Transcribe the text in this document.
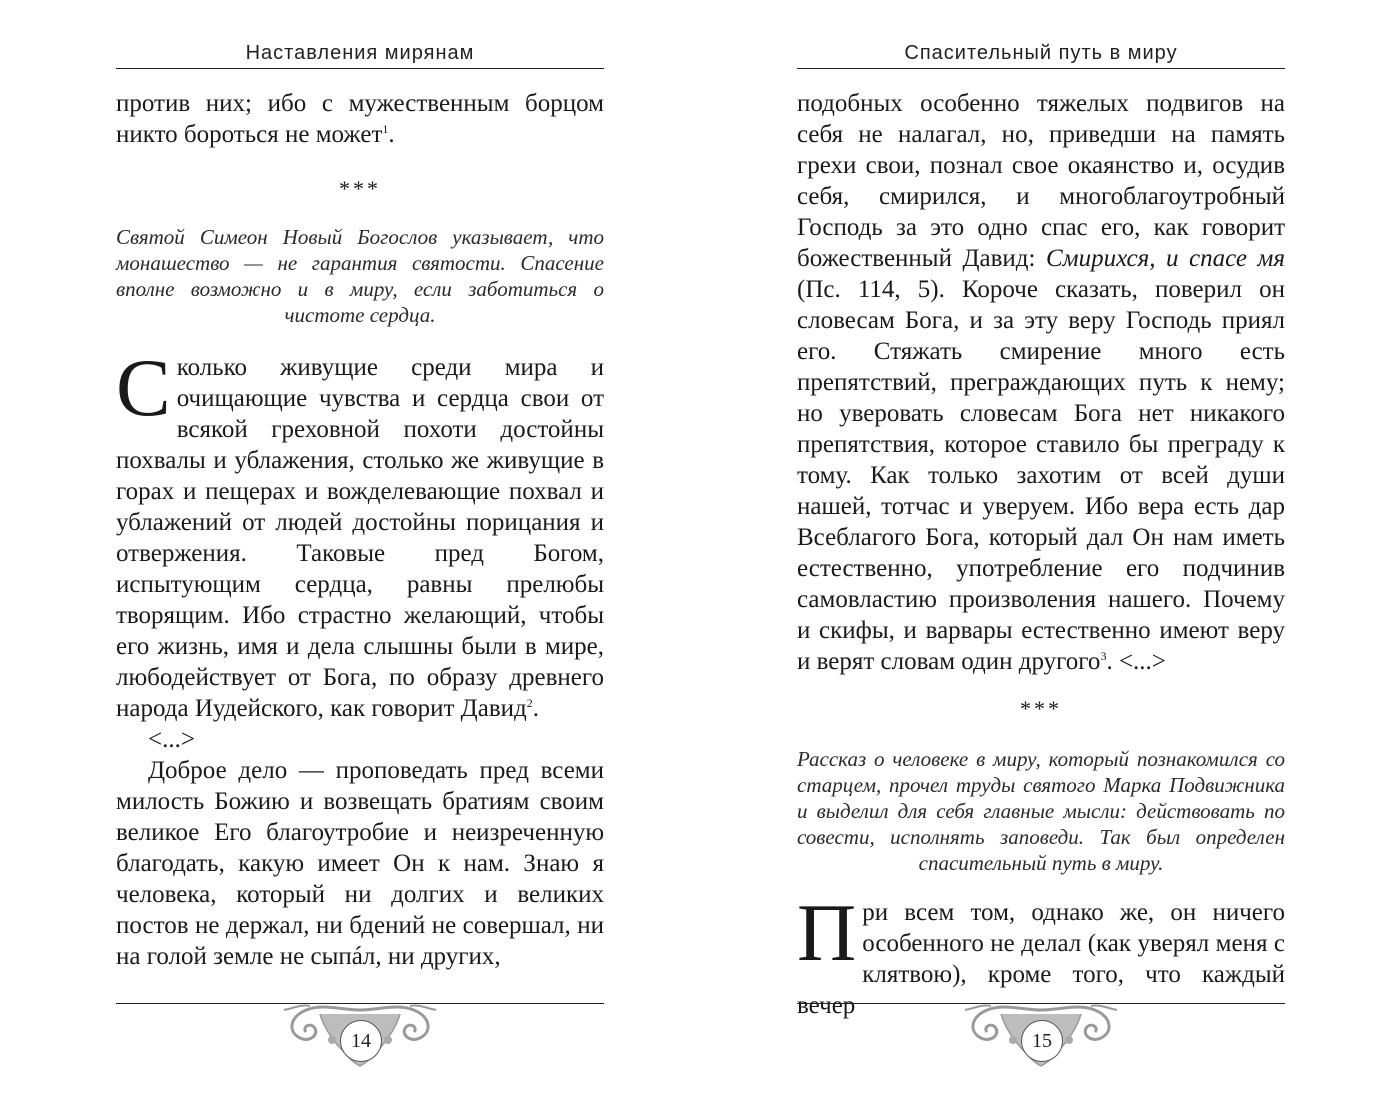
Наставления мирянам

против них; ибо с мужественным борцом

никто бороться не может$^1$.

***
Святой Симеон Новый Богослов указывает, что монашество — не гарантия святости. Спасение вполне возможно и в миру, если заботиться о чистоте сердца.

Сколько живущие среди мира и очищающие чувства и сердца свои от всякой греховной похоти достойны похвалы и ублажения, столько же живущие в горах и пещерах и вожделевающие похвал и ублажений от людей достойны порицания и отвержения. Таковые пред Богом, испытующим сердца, равны прелюбы творящим. Ибо страстно желающий, чтобы его жизнь, имя и дела слышны были в мире, любодействует от Бога, по образу древнего народа Иудейского, как говорит Давид$^2$.

<...>

Доброе дело — проповедать пред всеми милость Божию и возвещать братиям своим великое Его благоутробие и неизреченную благодать, какую имеет Он к нам. Знаю я человека, который ни долгих и великих постов не держал, ни бдений не совершал, ни на голой земле не сыпáл, ни других,

14
Спасительный путь в миру

подобных особенно тяжелых подвигов на себя не налагал, но, приведши на память грехи свои, познал свое окаянство и, осудив себя, смирился, и многоблагоутробный Господь за это одно спас его, как говорит божественный Давид: Смирихся, и спасе мя (Пс. 114, 5). Короче сказать, поверил он словесам Бога, и за эту веру Господь приял его. Стяжать смирение много есть препятствий, преграждающих путь к нему; но уверовать словесам Бога нет никакого препятствия, которое ставило бы преграду к тому. Как только захотим от всей души нашей, тотчас и уверуем. Ибо вера есть дар Всеблагого Бога, который дал Он нам иметь естественно, употребление его подчинив самовластию произволения нашего. Почему и скифы, и варвары естественно имеют веру и верят словам один другого$^3$. <...>

***
Рассказ о человеке в миру, который познакомился со старцем, прочел труды святого Марка Подвижника и выделил для себя главные мысли: действовать по совести, исполнять заповеди. Так был определен спасительный путь в миру.

При всем том, однако же, он ничего особенного не делал (как уверял меня с клятвою), кроме того, что каждый вечер

15
